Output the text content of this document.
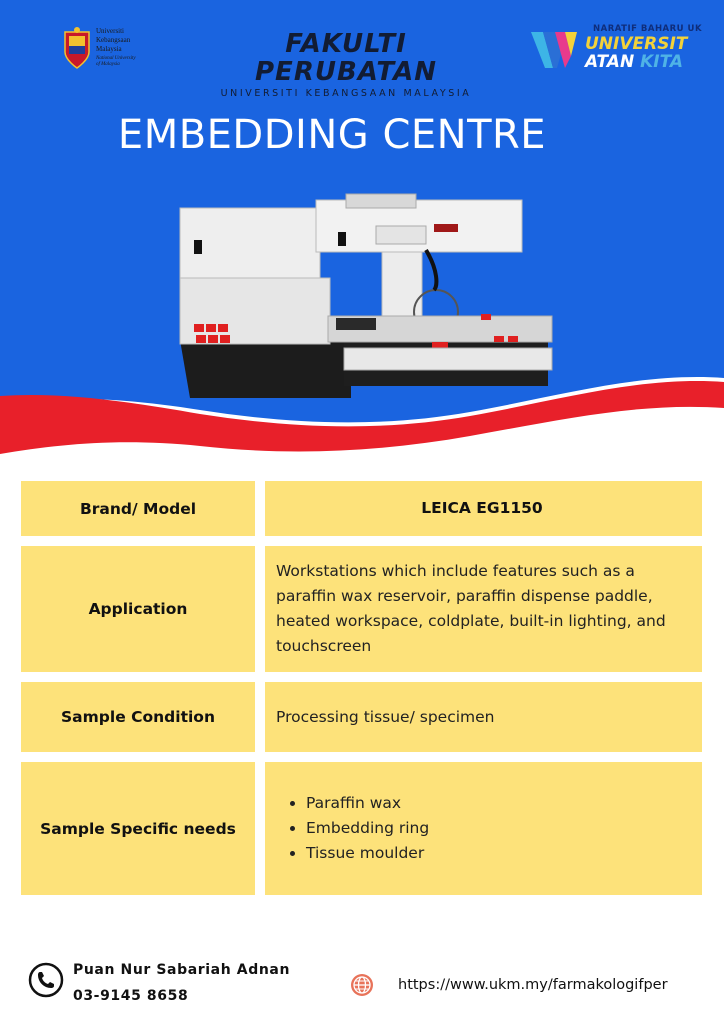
Universiti
Kebangsaan
Malaysia
National University
of Malaysia
FAKULTI PERUBATAN
UNIVERSITI KEBANGSAAN MALAYSIA
NARATIF BAHARU UK
UNIVERSIT
ATAN KITA
EMBEDDING CENTRE
Brand/ Model	LEICA EG1150
Application
Workstations which include features such as a paraffin wax reservoir, paraffin dispense paddle, heated workspace, coldplate, built-in lighting, and touchscreen
Sample Condition	Processing tissue/ specimen
Sample Specific needs
• Paraffin wax
• Embedding ring
• Tissue moulder
Puan Nur Sabariah Adnan
03-9145 8658
https://www.ukm.my/farmakologifper
